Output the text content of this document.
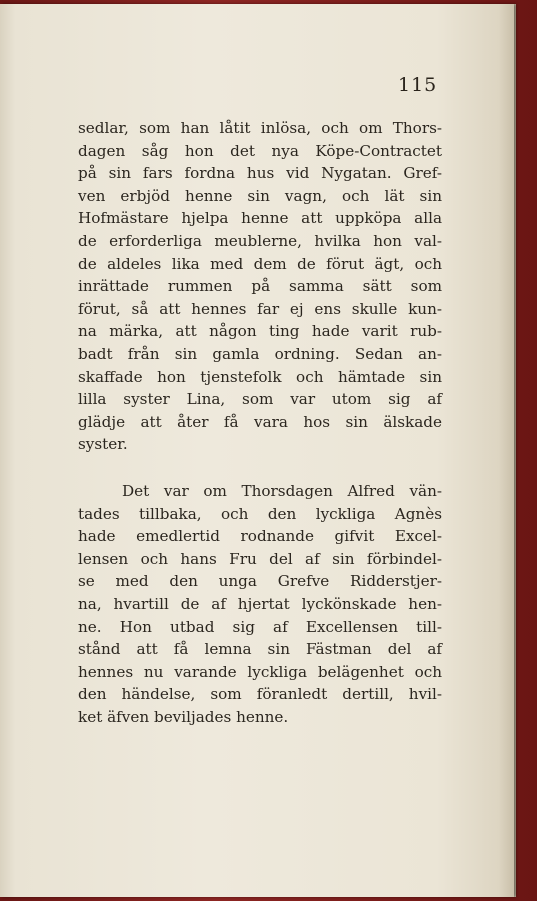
115
sedlar, som han låtit inlösa, och om Thors-
dagen såg hon det nya Köpe-Contractet
på sin fars fordna hus vid Nygatan. Gref-
ven erbjöd henne sin vagn, och lät sin
Hofmästare hjelpa henne att uppköpa alla
de erforderliga meublerne, hvilka hon val-
de aldeles lika med dem de förut ägt, och
inrättade rummen på samma sätt som
förut, så att hennes far ej ens skulle kun-
na märka, att någon ting hade varit rub-
badt från sin gamla ordning. Sedan an-
skaffade hon tjenstefolk och hämtade sin
lilla syster Lina, som var utom sig af
glädje att åter få vara hos sin älskade
syster.
Det var om Thorsdagen Alfred vän-
tades tillbaka, och den lyckliga Agnès
hade emedlertid rodnande gifvit Excel-
lensen och hans Fru del af sin förbindel-
se med den unga Grefve Ridderstjer-
na, hvartill de af hjertat lyckönskade hen-
ne. Hon utbad sig af Excellensen till-
stånd att få lemna sin Fästman del af
hennes nu varande lyckliga belägenhet och
den händelse, som föranledt dertill, hvil-
ket äfven beviljades henne.
